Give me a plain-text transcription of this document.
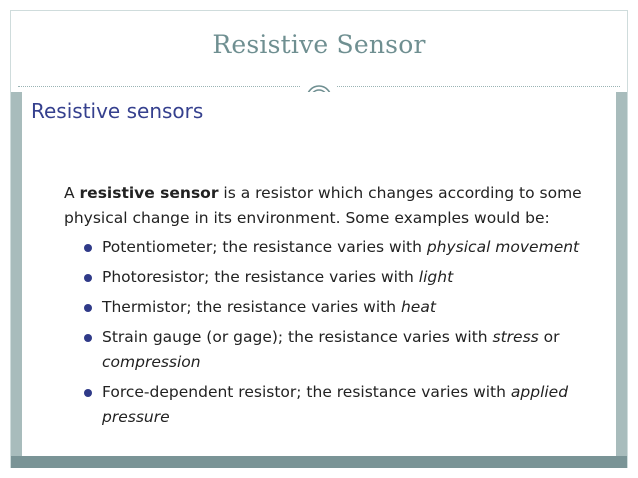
Resistive Sensor
Resistive sensors
A resistive sensor is a resistor which changes according to some physical change in its environment. Some examples would be:
Potentiometer; the resistance varies with physical movement
Photoresistor; the resistance varies with light
Thermistor; the resistance varies with heat
Strain gauge (or gage); the resistance varies with stress or compression
Force-dependent resistor; the resistance varies with applied pressure
